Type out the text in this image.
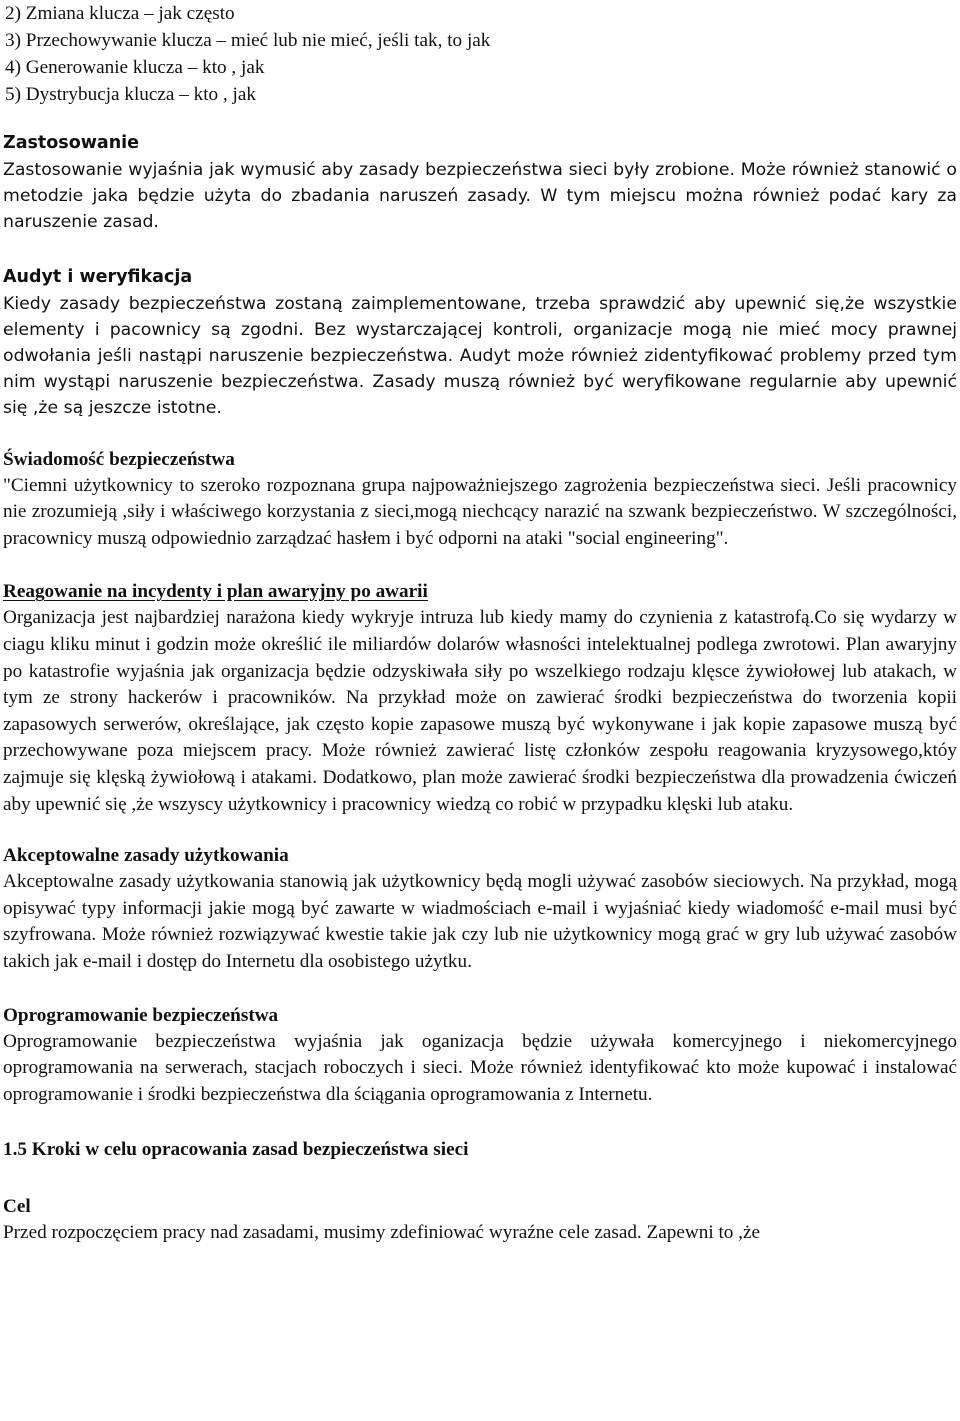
2) Zmiana klucza – jak często
3) Przechowywanie klucza – mieć lub nie mieć, jeśli tak, to jak
4) Generowanie klucza – kto , jak
5) Dystrybucja klucza – kto , jak
Zastosowanie

Zastosowanie wyjaśnia jak wymusić aby zasady bezpieczeństwa sieci były zrobione. Może również stanowić o metodzie jaka będzie użyta do zbadania naruszeń zasady. W tym miejscu można również podać kary za naruszenie zasad.

Audyt i weryfikacja

Kiedy zasady bezpieczeństwa zostaną zaimplementowane, trzeba sprawdzić aby upewnić się,że wszystkie elementy i pacownicy są zgodni. Bez wystarczającej kontroli, organizacje mogą nie mieć mocy prawnej odwołania jeśli nastąpi naruszenie bezpieczeństwa. Audyt może również zidentyfikować problemy przed tym nim wystąpi naruszenie bezpieczeństwa. Zasady muszą również być weryfikowane regularnie aby upewnić się ,że są jeszcze istotne.

Świadomość bezpieczeństwa

"Ciemni użytkownicy to szeroko rozpoznana grupa najpoważniejszego zagrożenia bezpieczeństwa sieci. Jeśli pracownicy nie zrozumieją ,siły i właściwego korzystania z sieci,mogą niechcący narazić na szwank bezpieczeństwo. W szczególności, pracownicy muszą odpowiednio zarządzać hasłem i być odporni na ataki "social engineering".

Reagowanie na incydenty i plan awaryjny po awarii

Organizacja jest najbardziej narażona kiedy wykryje intruza lub kiedy mamy do czynienia z katastrofą.Co się wydarzy w ciagu kliku minut i godzin może określić ile miliardów dolarów własności intelektualnej podlega zwrotowi. Plan awaryjny po katastrofie wyjaśnia jak organizacja będzie odzyskiwała siły po wszelkiego rodzaju klęsce żywiołowej lub atakach, w tym ze strony hackerów i pracowników. Na przykład może on zawierać środki bezpieczeństwa do tworzenia kopii zapasowych serwerów, określające, jak często kopie zapasowe muszą być wykonywane i jak kopie zapasowe muszą być przechowywane poza miejscem pracy. Może również zawierać listę członków zespołu reagowania kryzysowego,któy zajmuje się klęską żywiołową i atakami. Dodatkowo, plan może zawierać środki bezpieczeństwa dla prowadzenia ćwiczeń aby upewnić się ,że wszyscy użytkownicy i pracownicy wiedzą co robić w przypadku klęski lub ataku.

Akceptowalne zasady użytkowania

Akceptowalne zasady użytkowania stanowią jak użytkownicy będą mogli używać zasobów sieciowych. Na przykład, mogą opisywać typy informacji jakie mogą być zawarte w wiadmościach e-mail i wyjaśniać kiedy wiadomość e-mail musi być szyfrowana. Może również rozwiązywać kwestie takie jak czy lub nie użytkownicy mogą grać w gry lub używać zasobów takich jak e-mail i dostęp do Internetu dla osobistego użytku.

Oprogramowanie bezpieczeństwa

Oprogramowanie bezpieczeństwa wyjaśnia jak oganizacja będzie używała komercyjnego i niekomercyjnego oprogramowania na serwerach, stacjach roboczych i sieci. Może również identyfikować kto może kupować i instalować oprogramowanie i środki bezpieczeństwa dla ściągania oprogramowania z Internetu.

1.5 Kroki w celu opracowania zasad bezpieczeństwa sieci
Cel

Przed rozpoczęciem pracy nad zasadami, musimy zdefiniować wyraźne cele zasad. Zapewni to ,że
